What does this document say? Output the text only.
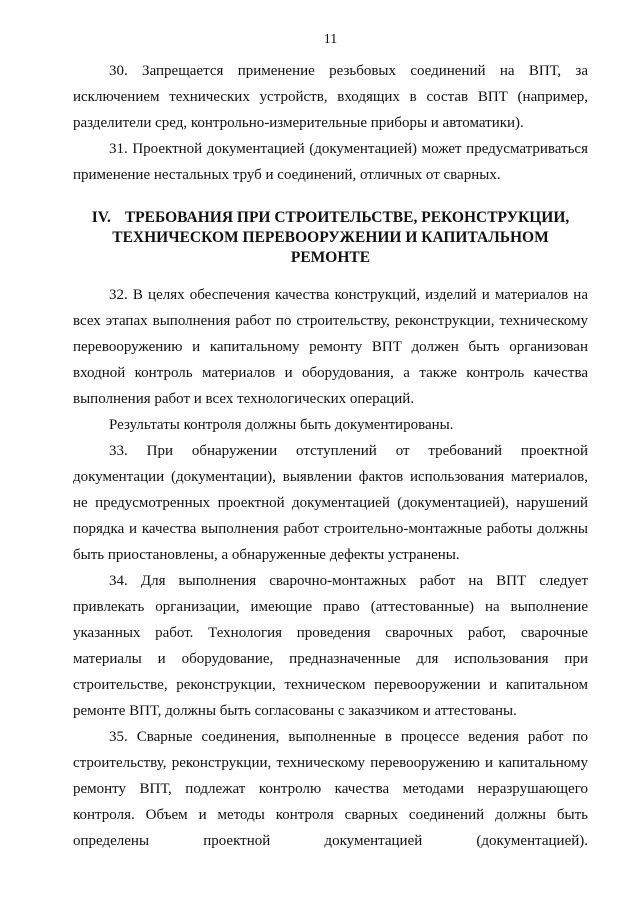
11

30. Запрещается применение резьбовых соединений на ВПТ, за исключением технических устройств, входящих в состав ВПТ (например, разделители сред, контрольно-измерительные приборы и автоматики).

31. Проектной документацией (документацией) может предусматриваться применение нестальных труб и соединений, отличных от сварных.

IV. ТРЕБОВАНИЯ ПРИ СТРОИТЕЛЬСТВЕ, РЕКОНСТРУКЦИИ, ТЕХНИЧЕСКОМ ПЕРЕВООРУЖЕНИИ И КАПИТАЛЬНОМ РЕМОНТЕ

32. В целях обеспечения качества конструкций, изделий и материалов на всех этапах выполнения работ по строительству, реконструкции, техническому перевооружению и капитальному ремонту ВПТ должен быть организован входной контроль материалов и оборудования, а также контроль качества выполнения работ и всех технологических операций.

Результаты контроля должны быть документированы.

33. При обнаружении отступлений от требований проектной документации (документации), выявлении фактов использования материалов, не предусмотренных проектной документацией (документацией), нарушений порядка и качества выполнения работ строительно-монтажные работы должны быть приостановлены, а обнаруженные дефекты устранены.

34. Для выполнения сварочно-монтажных работ на ВПТ следует привлекать организации, имеющие право (аттестованные) на выполнение указанных работ. Технология проведения сварочных работ, сварочные материалы и оборудование, предназначенные для использования при строительстве, реконструкции, техническом перевооружении и капитальном ремонте ВПТ, должны быть согласованы с заказчиком и аттестованы.

35. Сварные соединения, выполненные в процессе ведения работ по строительству, реконструкции, техническому перевооружению и капитальному ремонту ВПТ, подлежат контролю качества методами неразрушающего контроля. Объем и методы контроля сварных соединений должны быть определены проектной документацией (документацией).
